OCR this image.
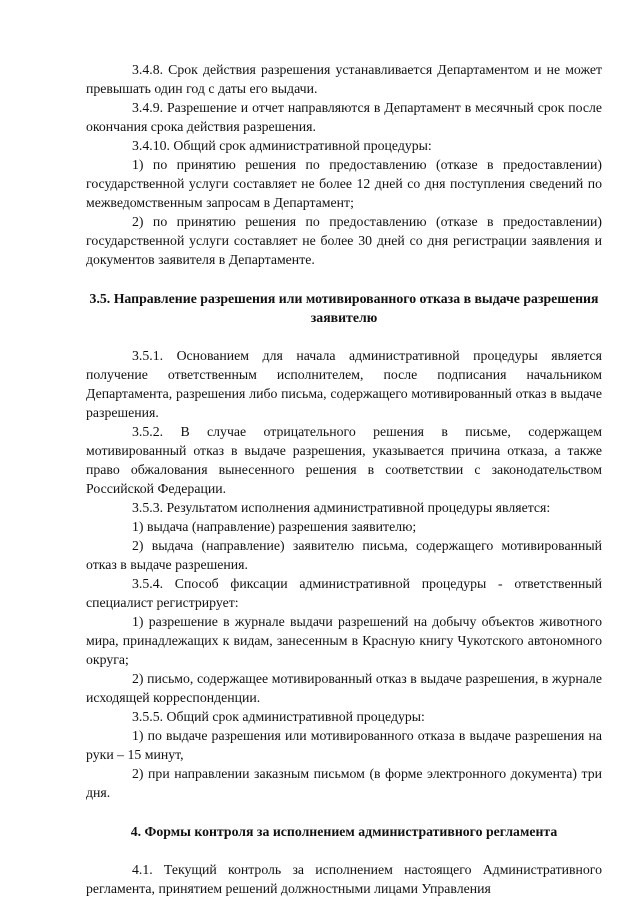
3.4.8. Срок действия разрешения устанавливается Департаментом и не может превышать один год с даты его выдачи.

3.4.9. Разрешение и отчет направляются в Департамент в месячный срок после окончания срока действия разрешения.

3.4.10. Общий срок административной процедуры:

1) по принятию решения по предоставлению (отказе в предоставлении) государственной услуги составляет не более 12 дней со дня поступления сведений по межведомственным запросам в Департамент;

2) по принятию решения по предоставлению (отказе в предоставлении) государственной услуги составляет не более 30 дней со дня регистрации заявления и документов заявителя в Департаменте.

3.5. Направление разрешения или мотивированного отказа в выдаче разрешения заявителю

3.5.1. Основанием для начала административной процедуры является получение ответственным исполнителем, после подписания начальником Департамента, разрешения либо письма, содержащего мотивированный отказ в выдаче разрешения.

3.5.2. В случае отрицательного решения в письме, содержащем мотивированный отказ в выдаче разрешения, указывается причина отказа, а также право обжалования вынесенного решения в соответствии с законодательством Российской Федерации.

3.5.3. Результатом исполнения административной процедуры является:

1) выдача (направление) разрешения заявителю;

2) выдача (направление) заявителю письма, содержащего мотивированный отказ в выдаче разрешения.

3.5.4. Способ фиксации административной процедуры - ответственный специалист регистрирует:

1) разрешение в журнале выдачи разрешений на добычу объектов животного мира, принадлежащих к видам, занесенным в Красную книгу Чукотского автономного округа;

2) письмо, содержащее мотивированный отказ в выдаче разрешения, в журнале исходящей корреспонденции.

3.5.5. Общий срок административной процедуры:

1) по выдаче разрешения или мотивированного отказа в выдаче разрешения на руки – 15 минут,

2) при направлении заказным письмом (в форме электронного документа) три дня.

4. Формы контроля за исполнением административного регламента

4.1. Текущий контроль за исполнением настоящего Административного регламента, принятием решений должностными лицами Управления
